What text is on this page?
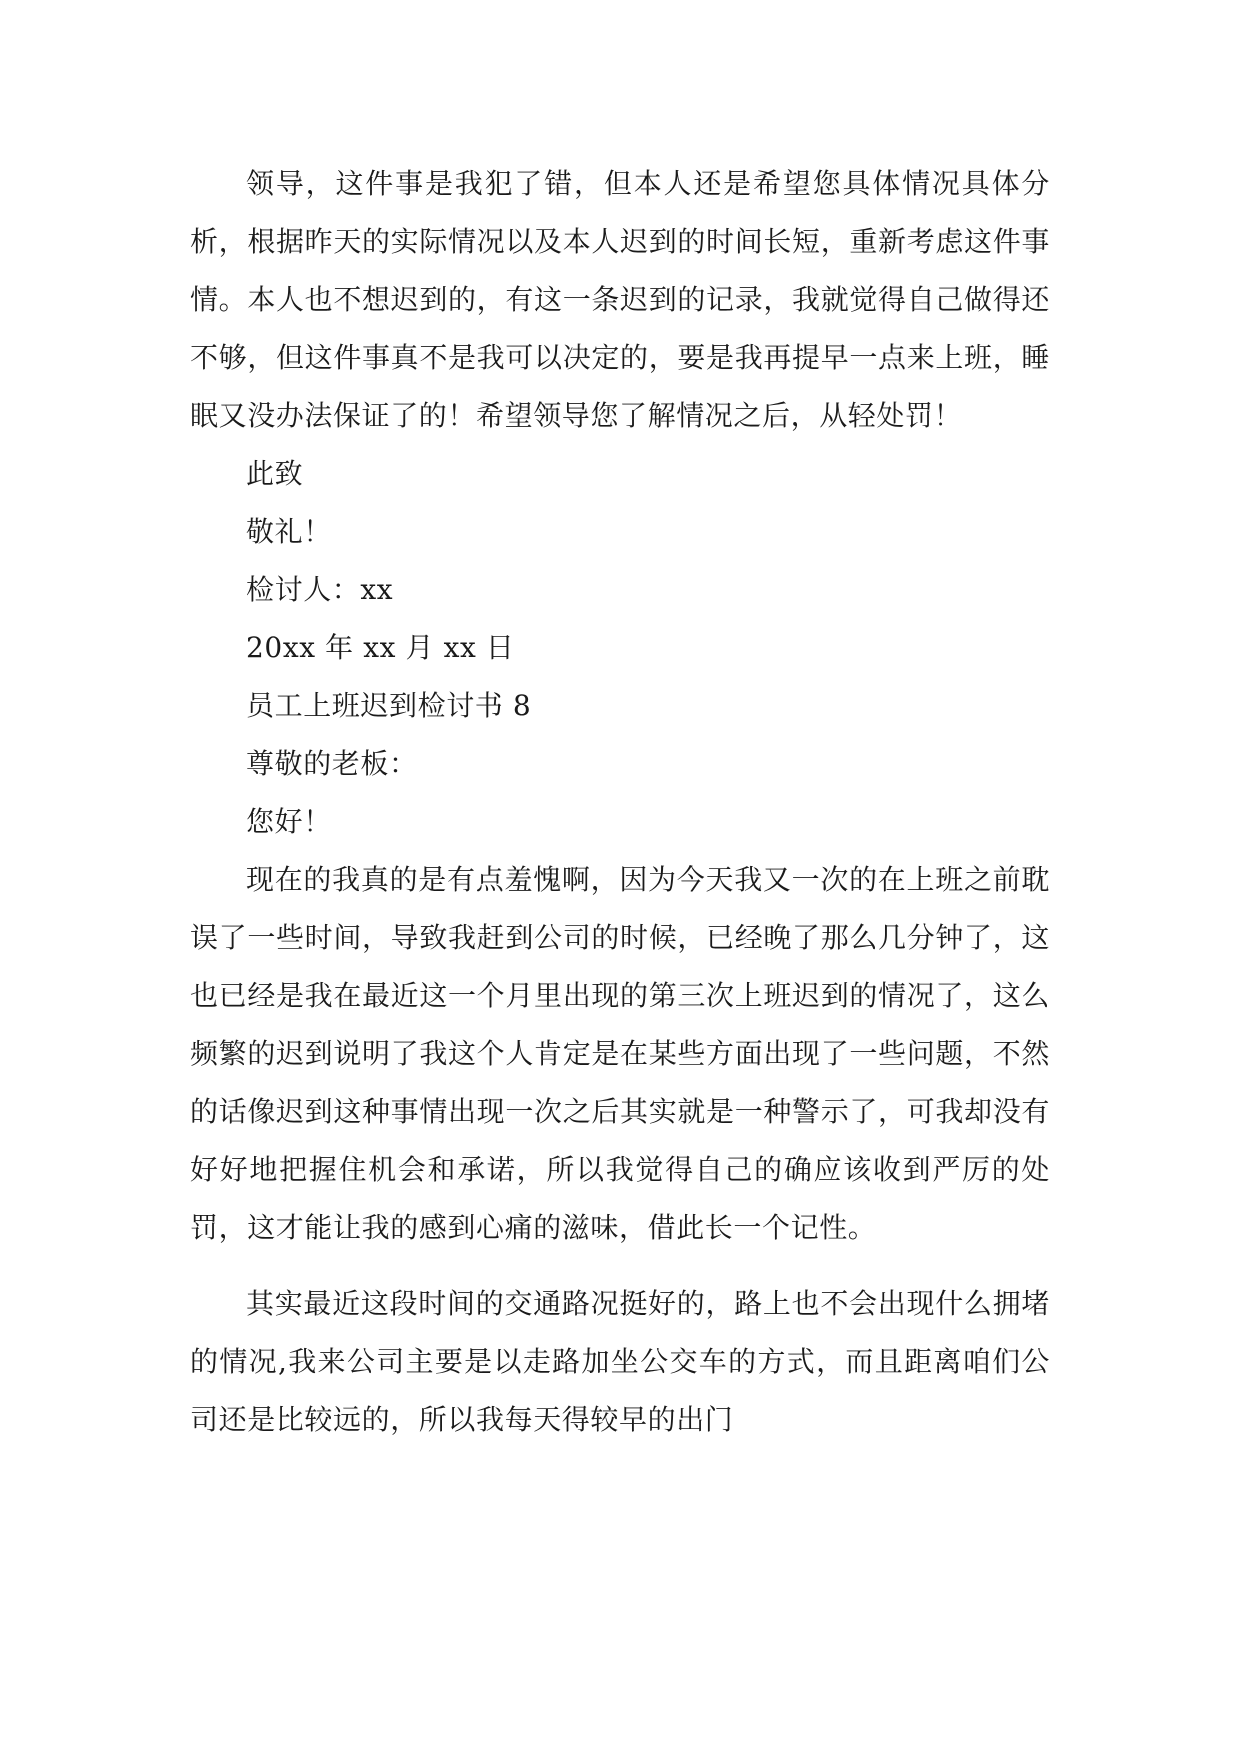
领导，这件事是我犯了错，但本人还是希望您具体情况具体分析，根据昨天的实际情况以及本人迟到的时间长短，重新考虑这件事情。本人也不想迟到的，有这一条迟到的记录，我就觉得自己做得还不够，但这件事真不是我可以决定的，要是我再提早一点来上班，睡眠又没办法保证了的！希望领导您了解情况之后，从轻处罚！

此致

敬礼！

检讨人：xx

20xx 年 xx 月 xx 日

员工上班迟到检讨书 8

尊敬的老板：

您好！

现在的我真的是有点羞愧啊，因为今天我又一次的在上班之前耽误了一些时间，导致我赶到公司的时候，已经晚了那么几分钟了，这也已经是我在最近这一个月里出现的第三次上班迟到的情况了，这么频繁的迟到说明了我这个人肯定是在某些方面出现了一些问题，不然的话像迟到这种事情出现一次之后其实就是一种警示了，可我却没有好好地把握住机会和承诺，所以我觉得自己的确应该收到严厉的处罚，这才能让我的感到心痛的滋味，借此长一个记性。

其实最近这段时间的交通路况挺好的，路上也不会出现什么拥堵的情况,我来公司主要是以走路加坐公交车的方式，而且距离咱们公司还是比较远的，所以我每天得较早的出门
